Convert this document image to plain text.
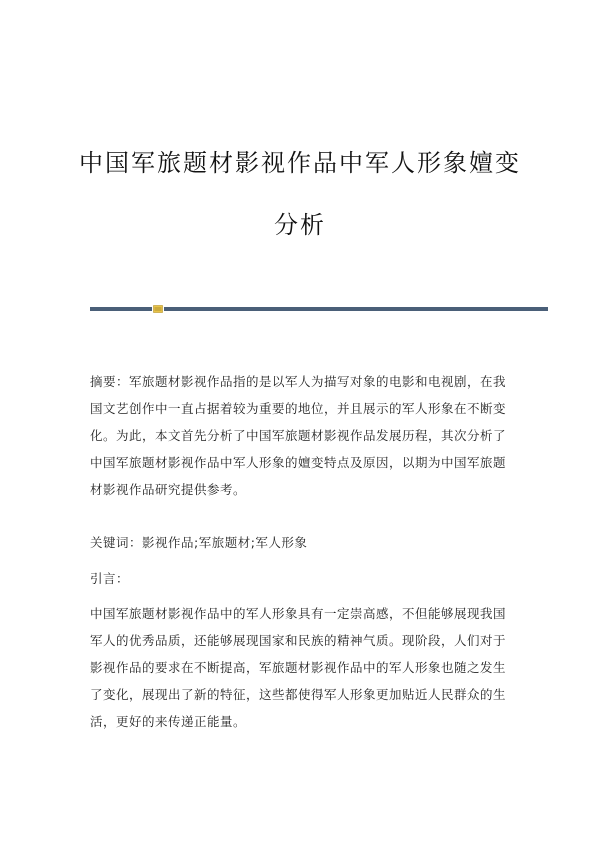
中国军旅题材影视作品中军人形象嬗变
分析

摘要：军旅题材影视作品指的是以军人为描写对象的电影和电视剧，在我国文艺创作中一直占据着较为重要的地位，并且展示的军人形象在不断变化。为此，本文首先分析了中国军旅题材影视作品发展历程，其次分析了中国军旅题材影视作品中军人形象的嬗变特点及原因，以期为中国军旅题材影视作品研究提供参考。

关键词：影视作品;军旅题材;军人形象

引言：

中国军旅题材影视作品中的军人形象具有一定崇高感，不但能够展现我国军人的优秀品质，还能够展现国家和民族的精神气质。现阶段，人们对于影视作品的要求在不断提高，军旅题材影视作品中的军人形象也随之发生了变化，展现出了新的特征，这些都使得军人形象更加贴近人民群众的生活，更好的来传递正能量。
